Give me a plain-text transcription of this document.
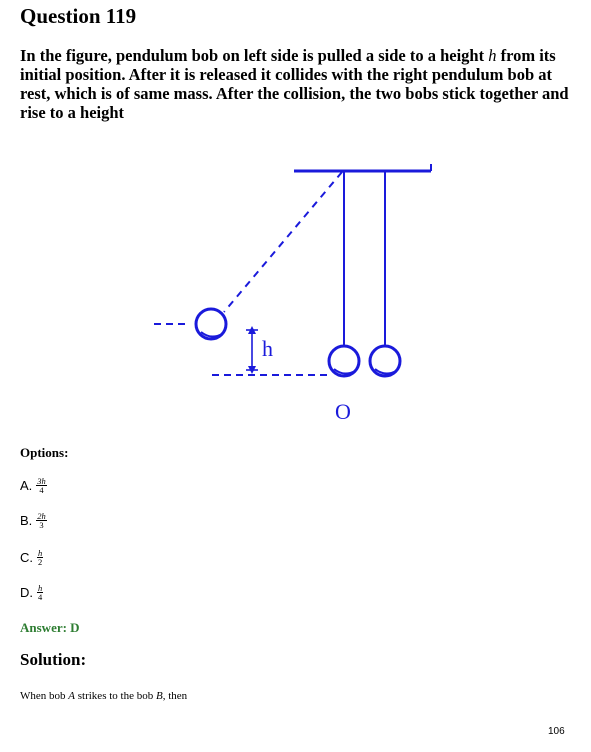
Question 119

In the figure, pendulum bob on left side is pulled a side to a height h from its initial position. After it is released it collides with the right pendulum bob at rest, which is of same mass. After the collision, the two bobs stick together and rise to a height

h
O
Options:
A. $\frac{3h}{4}$
B. $\frac{2h}{3}$
C. $\frac{h}{2}$
D. $\frac{h}{4}$
Answer: D
Solution:
When bob A strikes to the bob B, then
106
